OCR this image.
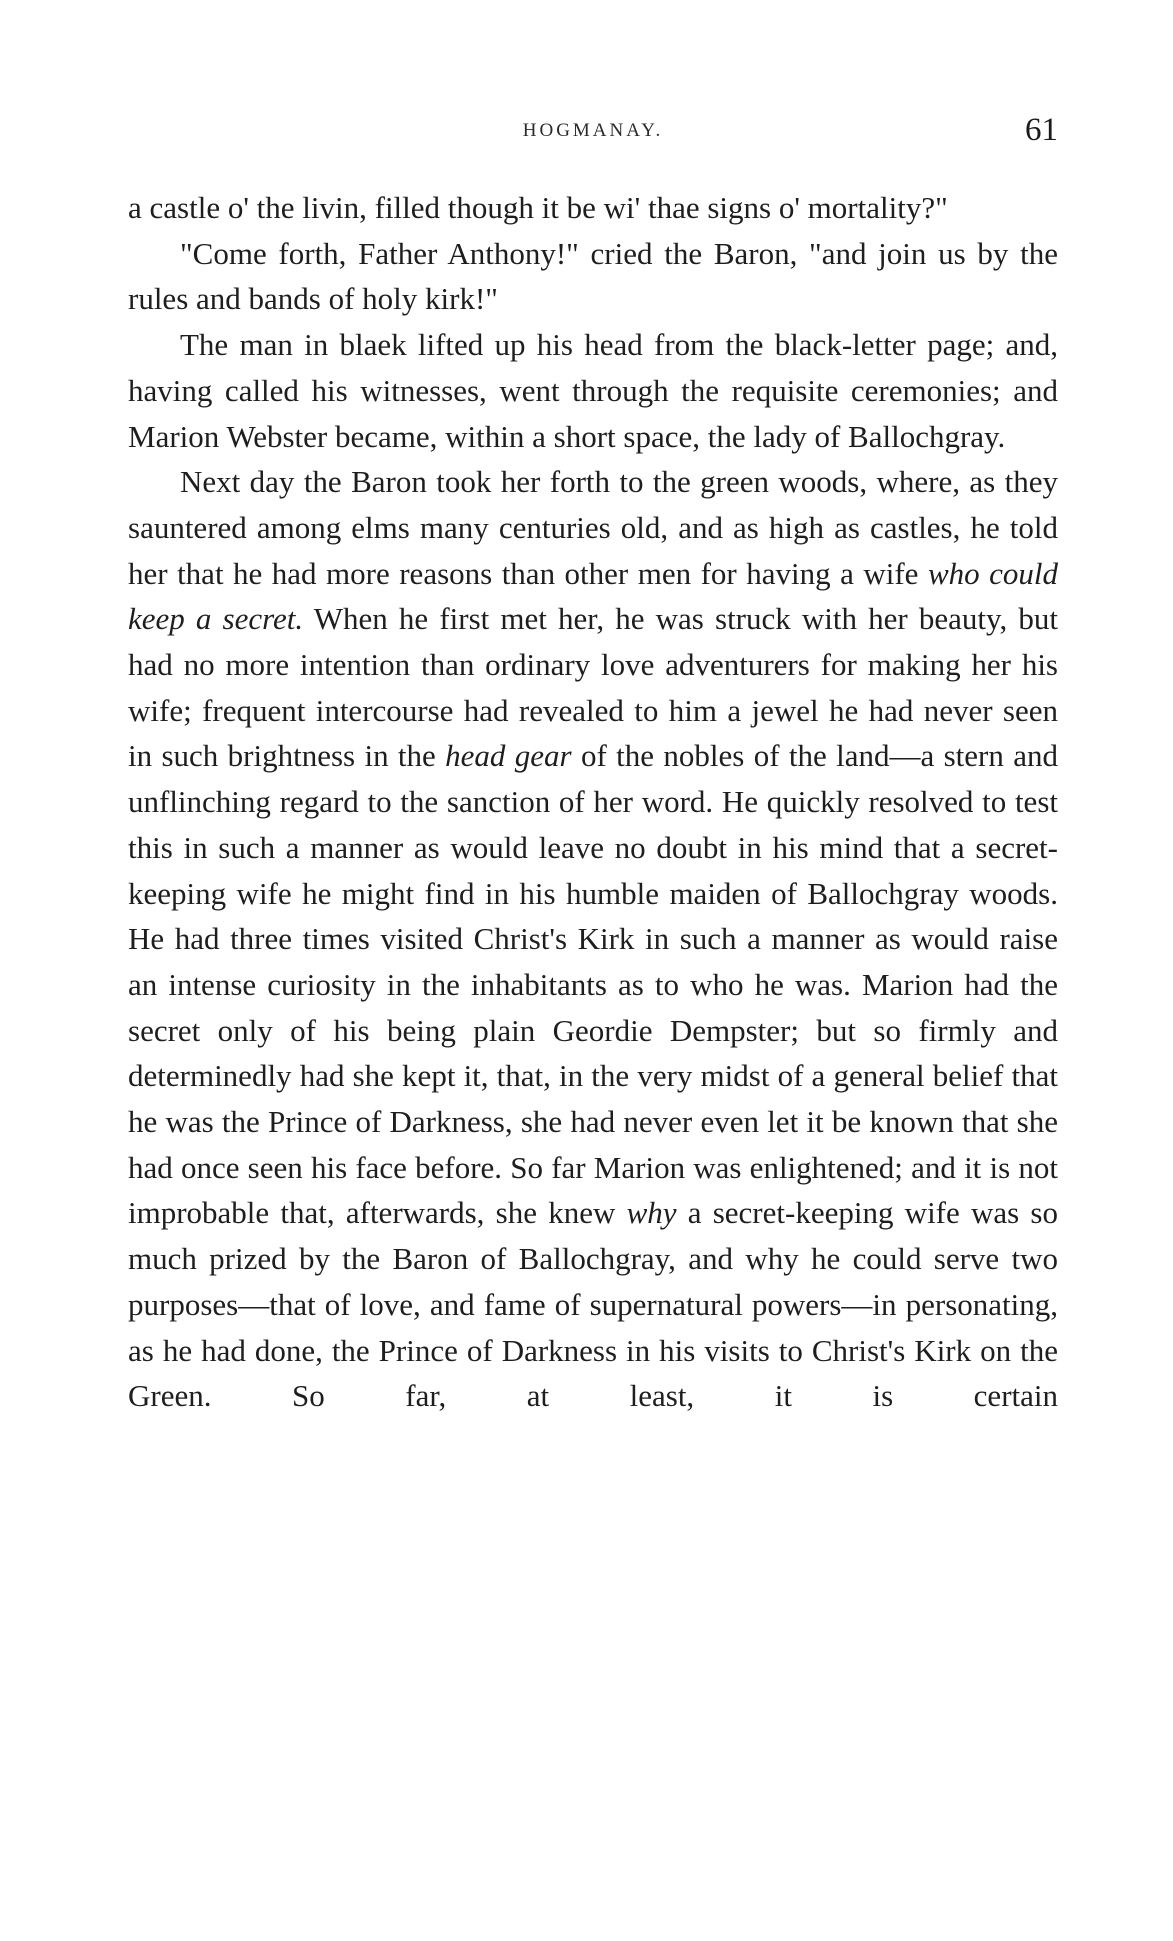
HOGMANAY.	61

a castle o' the livin, filled though it be wi' thae signs o' mortality?"

"Come forth, Father Anthony!" cried the Baron, "and join us by the rules and bands of holy kirk!"

The man in blaek lifted up his head from the black-letter page; and, having called his witnesses, went through the requisite ceremonies; and Marion Webster became, within a short space, the lady of Ballochgray.

Next day the Baron took her forth to the green woods, where, as they sauntered among elms many centuries old, and as high as castles, he told her that he had more reasons than other men for having a wife who could keep a secret. When he first met her, he was struck with her beauty, but had no more intention than ordinary love adventurers for making her his wife; frequent intercourse had revealed to him a jewel he had never seen in such brightness in the head gear of the nobles of the land—a stern and unflinching regard to the sanction of her word. He quickly resolved to test this in such a manner as would leave no doubt in his mind that a secret-keeping wife he might find in his humble maiden of Ballochgray woods. He had three times visited Christ's Kirk in such a manner as would raise an intense curiosity in the inhabitants as to who he was. Marion had the secret only of his being plain Geordie Dempster; but so firmly and determinedly had she kept it, that, in the very midst of a general belief that he was the Prince of Darkness, she had never even let it be known that she had once seen his face before. So far Marion was enlightened; and it is not improbable that, afterwards, she knew why a secret-keeping wife was so much prized by the Baron of Ballochgray, and why he could serve two purposes—that of love, and fame of supernatural powers—in personating, as he had done, the Prince of Darkness in his visits to Christ's Kirk on the Green. So far, at least, it is certain
